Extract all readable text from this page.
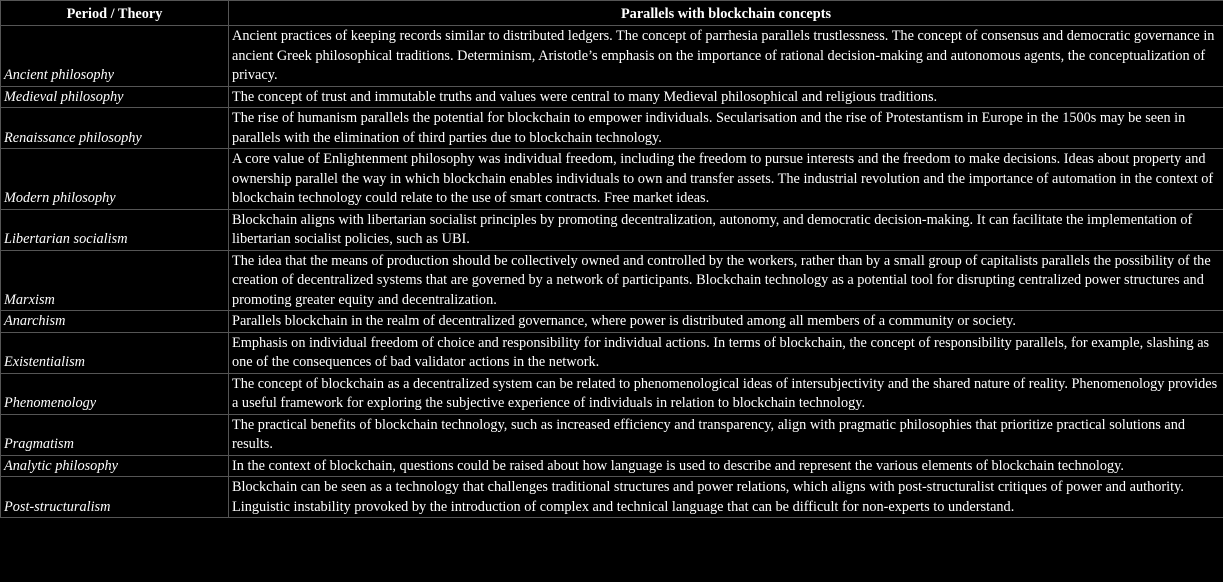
Period / Theory	Parallels with blockchain concepts
Ancient philosophy	Ancient practices of keeping records similar to distributed ledgers. The concept of parrhesia parallels trustlessness. The concept of consensus and democratic governance in ancient Greek philosophical traditions. Determinism, Aristotle’s emphasis on the importance of rational decision-making and autonomous agents, the conceptualization of privacy.
Medieval philosophy	The concept of trust and immutable truths and values were central to many Medieval philosophical and religious traditions.
Renaissance philosophy	The rise of humanism parallels the potential for blockchain to empower individuals. Secularisation and the rise of Protestantism in Europe in the 1500s may be seen in parallels with the elimination of third parties due to blockchain technology.
Modern philosophy	A core value of Enlightenment philosophy was individual freedom, including the freedom to pursue interests and the freedom to make decisions. Ideas about property and ownership parallel the way in which blockchain enables individuals to own and transfer assets. The industrial revolution and the importance of automation in the context of blockchain technology could relate to the use of smart contracts. Free market ideas.
Libertarian socialism	Blockchain aligns with libertarian socialist principles by promoting decentralization, autonomy, and democratic decision-making. It can facilitate the implementation of libertarian socialist policies, such as UBI.
Marxism	The idea that the means of production should be collectively owned and controlled by the workers, rather than by a small group of capitalists parallels the possibility of the creation of decentralized systems that are governed by a network of participants. Blockchain technology as a potential tool for disrupting centralized power structures and promoting greater equity and decentralization.
Anarchism	Parallels blockchain in the realm of decentralized governance, where power is distributed among all members of a community or society.
Existentialism	Emphasis on individual freedom of choice and responsibility for individual actions. In terms of blockchain, the concept of responsibility parallels, for example, slashing as one of the consequences of bad validator actions in the network.
Phenomenology	The concept of blockchain as a decentralized system can be related to phenomenological ideas of intersubjectivity and the shared nature of reality. Phenomenology provides a useful framework for exploring the subjective experience of individuals in relation to blockchain technology.
Pragmatism	The practical benefits of blockchain technology, such as increased efficiency and transparency, align with pragmatic philosophies that prioritize practical solutions and results.
Analytic philosophy	In the context of blockchain, questions could be raised about how language is used to describe and represent the various elements of blockchain technology.
Post-structuralism	Blockchain can be seen as a technology that challenges traditional structures and power relations, which aligns with post-structuralist critiques of power and authority. Linguistic instability provoked by the introduction of complex and technical language that can be difficult for non-experts to understand.
